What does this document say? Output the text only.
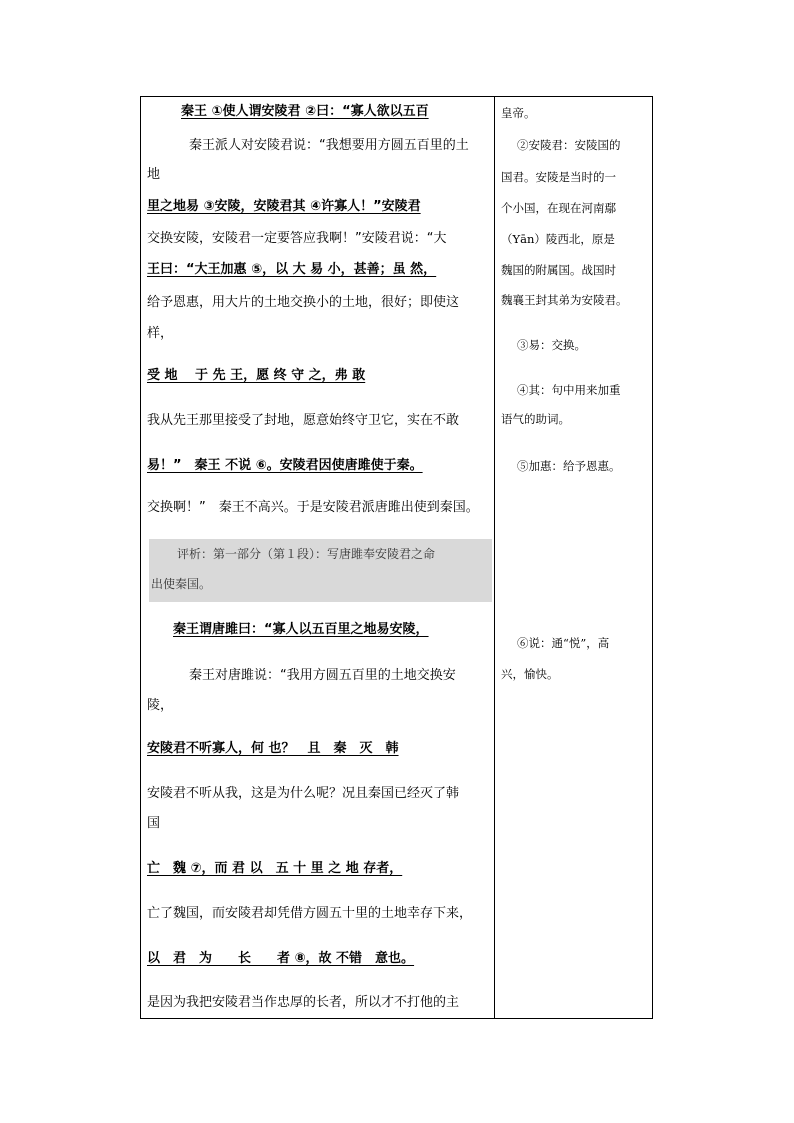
秦王 ①使人谓安陵君 ②曰：“寡人欲以五百
秦王派人对安陵君说：“我想要用方圆五百里的土
地
里之地易 ③安陵，安陵君其 ④许寡人！”安陵君
交换安陵，安陵君一定要答应我啊！”安陵君说：“大
王曰：“大王加惠 ⑤，以 大 易 小，甚善；虽 然，
给予恩惠，用大片的土地交换小的土地，很好；即使这
样，
受 地　 于 先 王，愿 终 守 之，弗 敢
我从先王那里接受了封地，愿意始终守卫它，实在不敢
易！”　秦王 不说 ⑥。安陵君因使唐雎使于秦。
交换啊！”　秦王不高兴。于是安陵君派唐雎出使到秦国。
评析：第一部分（第１段）：写唐雎奉安陵君之命
出使秦国。
秦王谓唐雎曰：“寡人以五百里之地易安陵，
秦王对唐雎说：“我用方圆五百里的土地交换安
陵，
安陵君不听寡人，何 也？　且　秦　灭　韩
安陵君不听从我，这是为什么呢？况且秦国已经灭了韩
国
亡　魏 ⑦，而 君 以　五 十 里 之 地 存者，
亡了魏国，而安陵君却凭借方圆五十里的土地幸存下来，
以　君　为　　长　　者 ⑧，故 不错　意也。
是因为我把安陵君当作忠厚的长者，所以才不打他的主
皇帝。
②安陵君：安陵国的
国君。安陵是当时的一
个小国，在现在河南鄢
（Yān）陵西北，原是
魏国的附属国。战国时
魏襄王封其弟为安陵君。
③易：交换。
④其：句中用来加重
语气的助词。
⑤加惠：给予恩惠。
⑥说：通“悦”，高
兴，愉快。
